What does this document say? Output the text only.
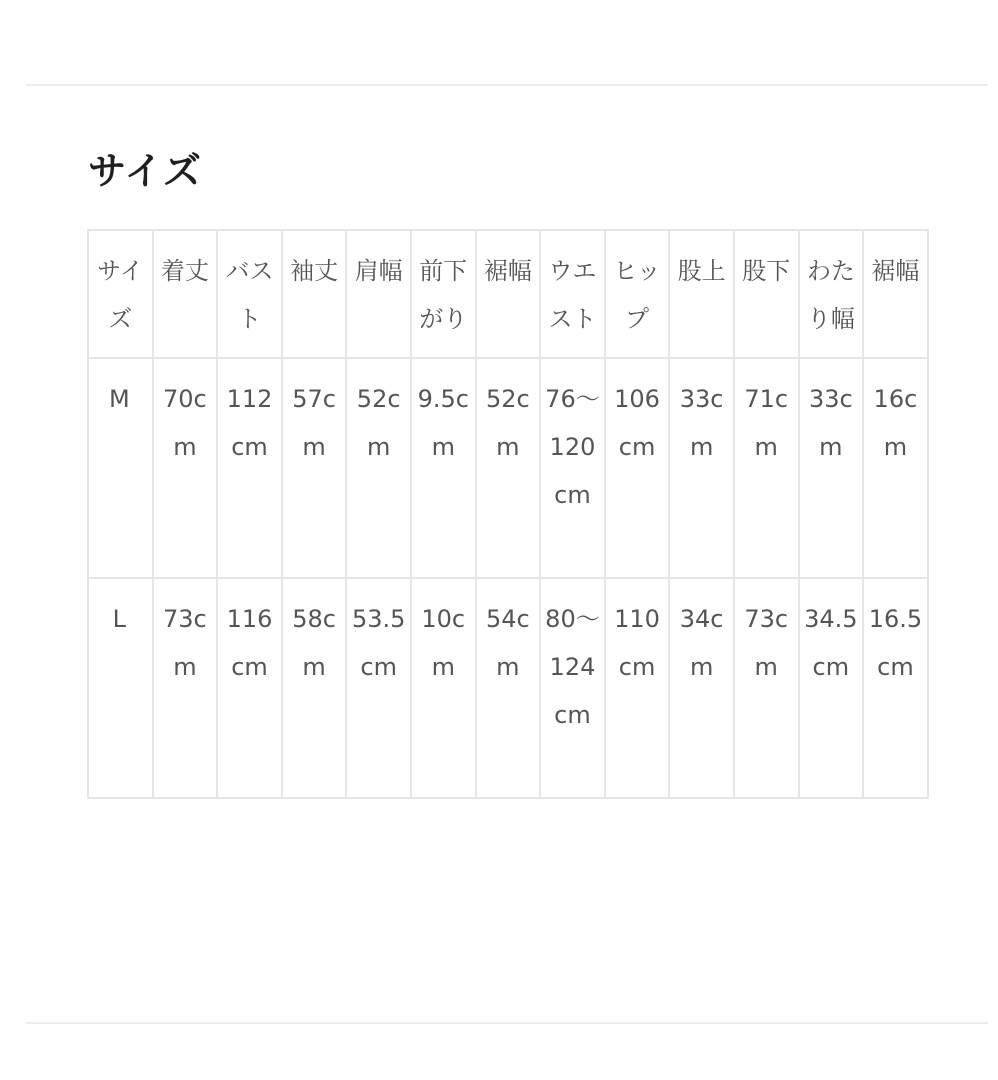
サイズ
サイズ	着丈	バスト	袖丈	肩幅	前下がり	裾幅	ウエスト	ヒップ	股上	股下	わたり幅	裾幅
M	70cm	112cm	57cm	52cm	9.5cm	52cm	76〜120cm	106cm	33cm	71cm	33cm	16cm
L	73cm	116cm	58cm	53.5cm	10cm	54cm	80〜124cm	110cm	34cm	73cm	34.5cm	16.5cm
